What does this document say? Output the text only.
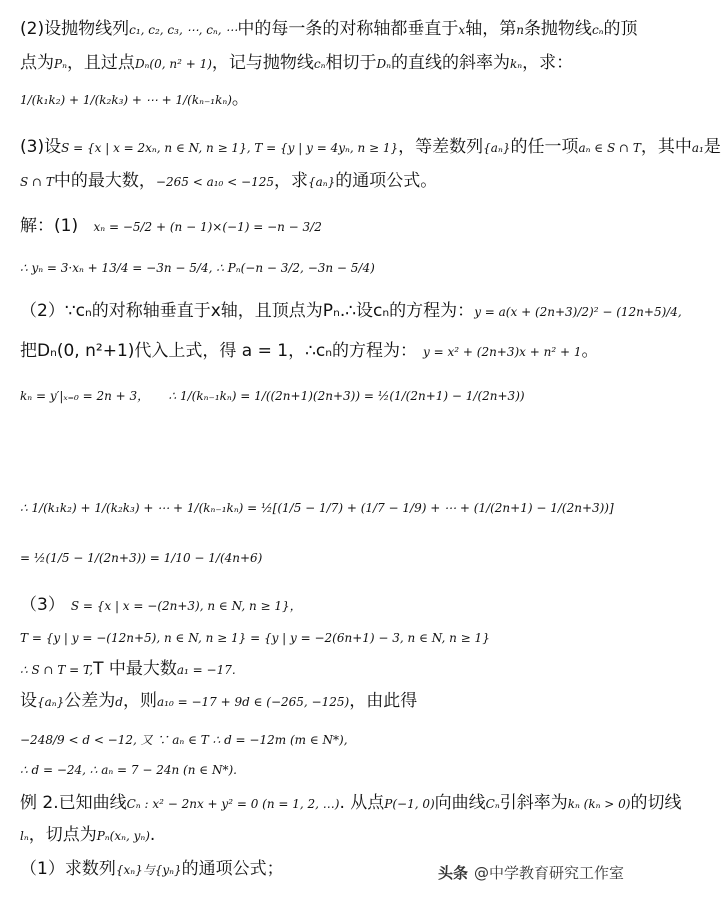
(2)设抛物线列c₁, c₂, c₃, ⋯, cₙ, ⋯中的每一条的对称轴都垂直于x轴，第n条抛物线cₙ的顶
点为Pₙ，且过点Dₙ(0, n² + 1)，记与抛物线cₙ相切于Dₙ的直线的斜率为kₙ，求：
1/(k₁k₂) + 1/(k₂k₃) + ⋯ + 1/(kₙ₋₁kₙ)。
(3)设S = {x | x = 2xₙ, n ∈ N, n ≥ 1}, T = {y | y = 4yₙ, n ≥ 1}，等差数列{aₙ}的任一项aₙ ∈ S ∩ T，其中a₁是
S ∩ T中的最大数，−265 < a₁₀ < −125，求{aₙ}的通项公式。
解：(1) xₙ = −5/2 + (n − 1)×(−1) = −n − 3/2
∴ yₙ = 3·xₙ + 13/4 = −3n − 5/4, ∴ Pₙ(−n − 3/2, −3n − 5/4)
（2）∵cₙ的对称轴垂直于x轴，且顶点为Pₙ.∴设cₙ的方程为：y = a(x + (2n+3)/2)² − (12n+5)/4,
把Dₙ(0, n²+1)代入上式，得 a = 1，∴cₙ的方程为： y = x² + (2n+3)x + n² + 1。
kₙ = y′|ₓ₌₀ = 2n + 3， ∴ 1/(kₙ₋₁kₙ) = 1/((2n+1)(2n+3)) = ½(1/(2n+1) − 1/(2n+3))
∴ 1/(k₁k₂) + 1/(k₂k₃) + ⋯ + 1/(kₙ₋₁kₙ) = ½[(1/5 − 1/7) + (1/7 − 1/9) + ⋯ + (1/(2n+1) − 1/(2n+3))]
= ½(1/5 − 1/(2n+3)) = 1/10 − 1/(4n+6)
（3） S = {x | x = −(2n+3), n ∈ N, n ≥ 1}，
T = {y | y = −(12n+5), n ∈ N, n ≥ 1} = {y | y = −2(6n+1) − 3, n ∈ N, n ≥ 1}
∴ S ∩ T = T,T 中最大数a₁ = −17.
设{aₙ}公差为d，则a₁₀ = −17 + 9d ∈ (−265, −125)，由此得
−248/9 < d < −12, 又 ∵ aₙ ∈ T ∴ d = −12m (m ∈ N*),
∴ d = −24, ∴ aₙ = 7 − 24n (n ∈ N*).
例 2.已知曲线Cₙ : x² − 2nx + y² = 0 (n = 1, 2, …). 从点P(−1, 0)向曲线Cₙ引斜率为kₙ (kₙ > 0)的切线
lₙ，切点为Pₙ(xₙ, yₙ).
（1）求数列{xₙ}与{yₙ}的通项公式；	头条 @中学教育研究工作室
